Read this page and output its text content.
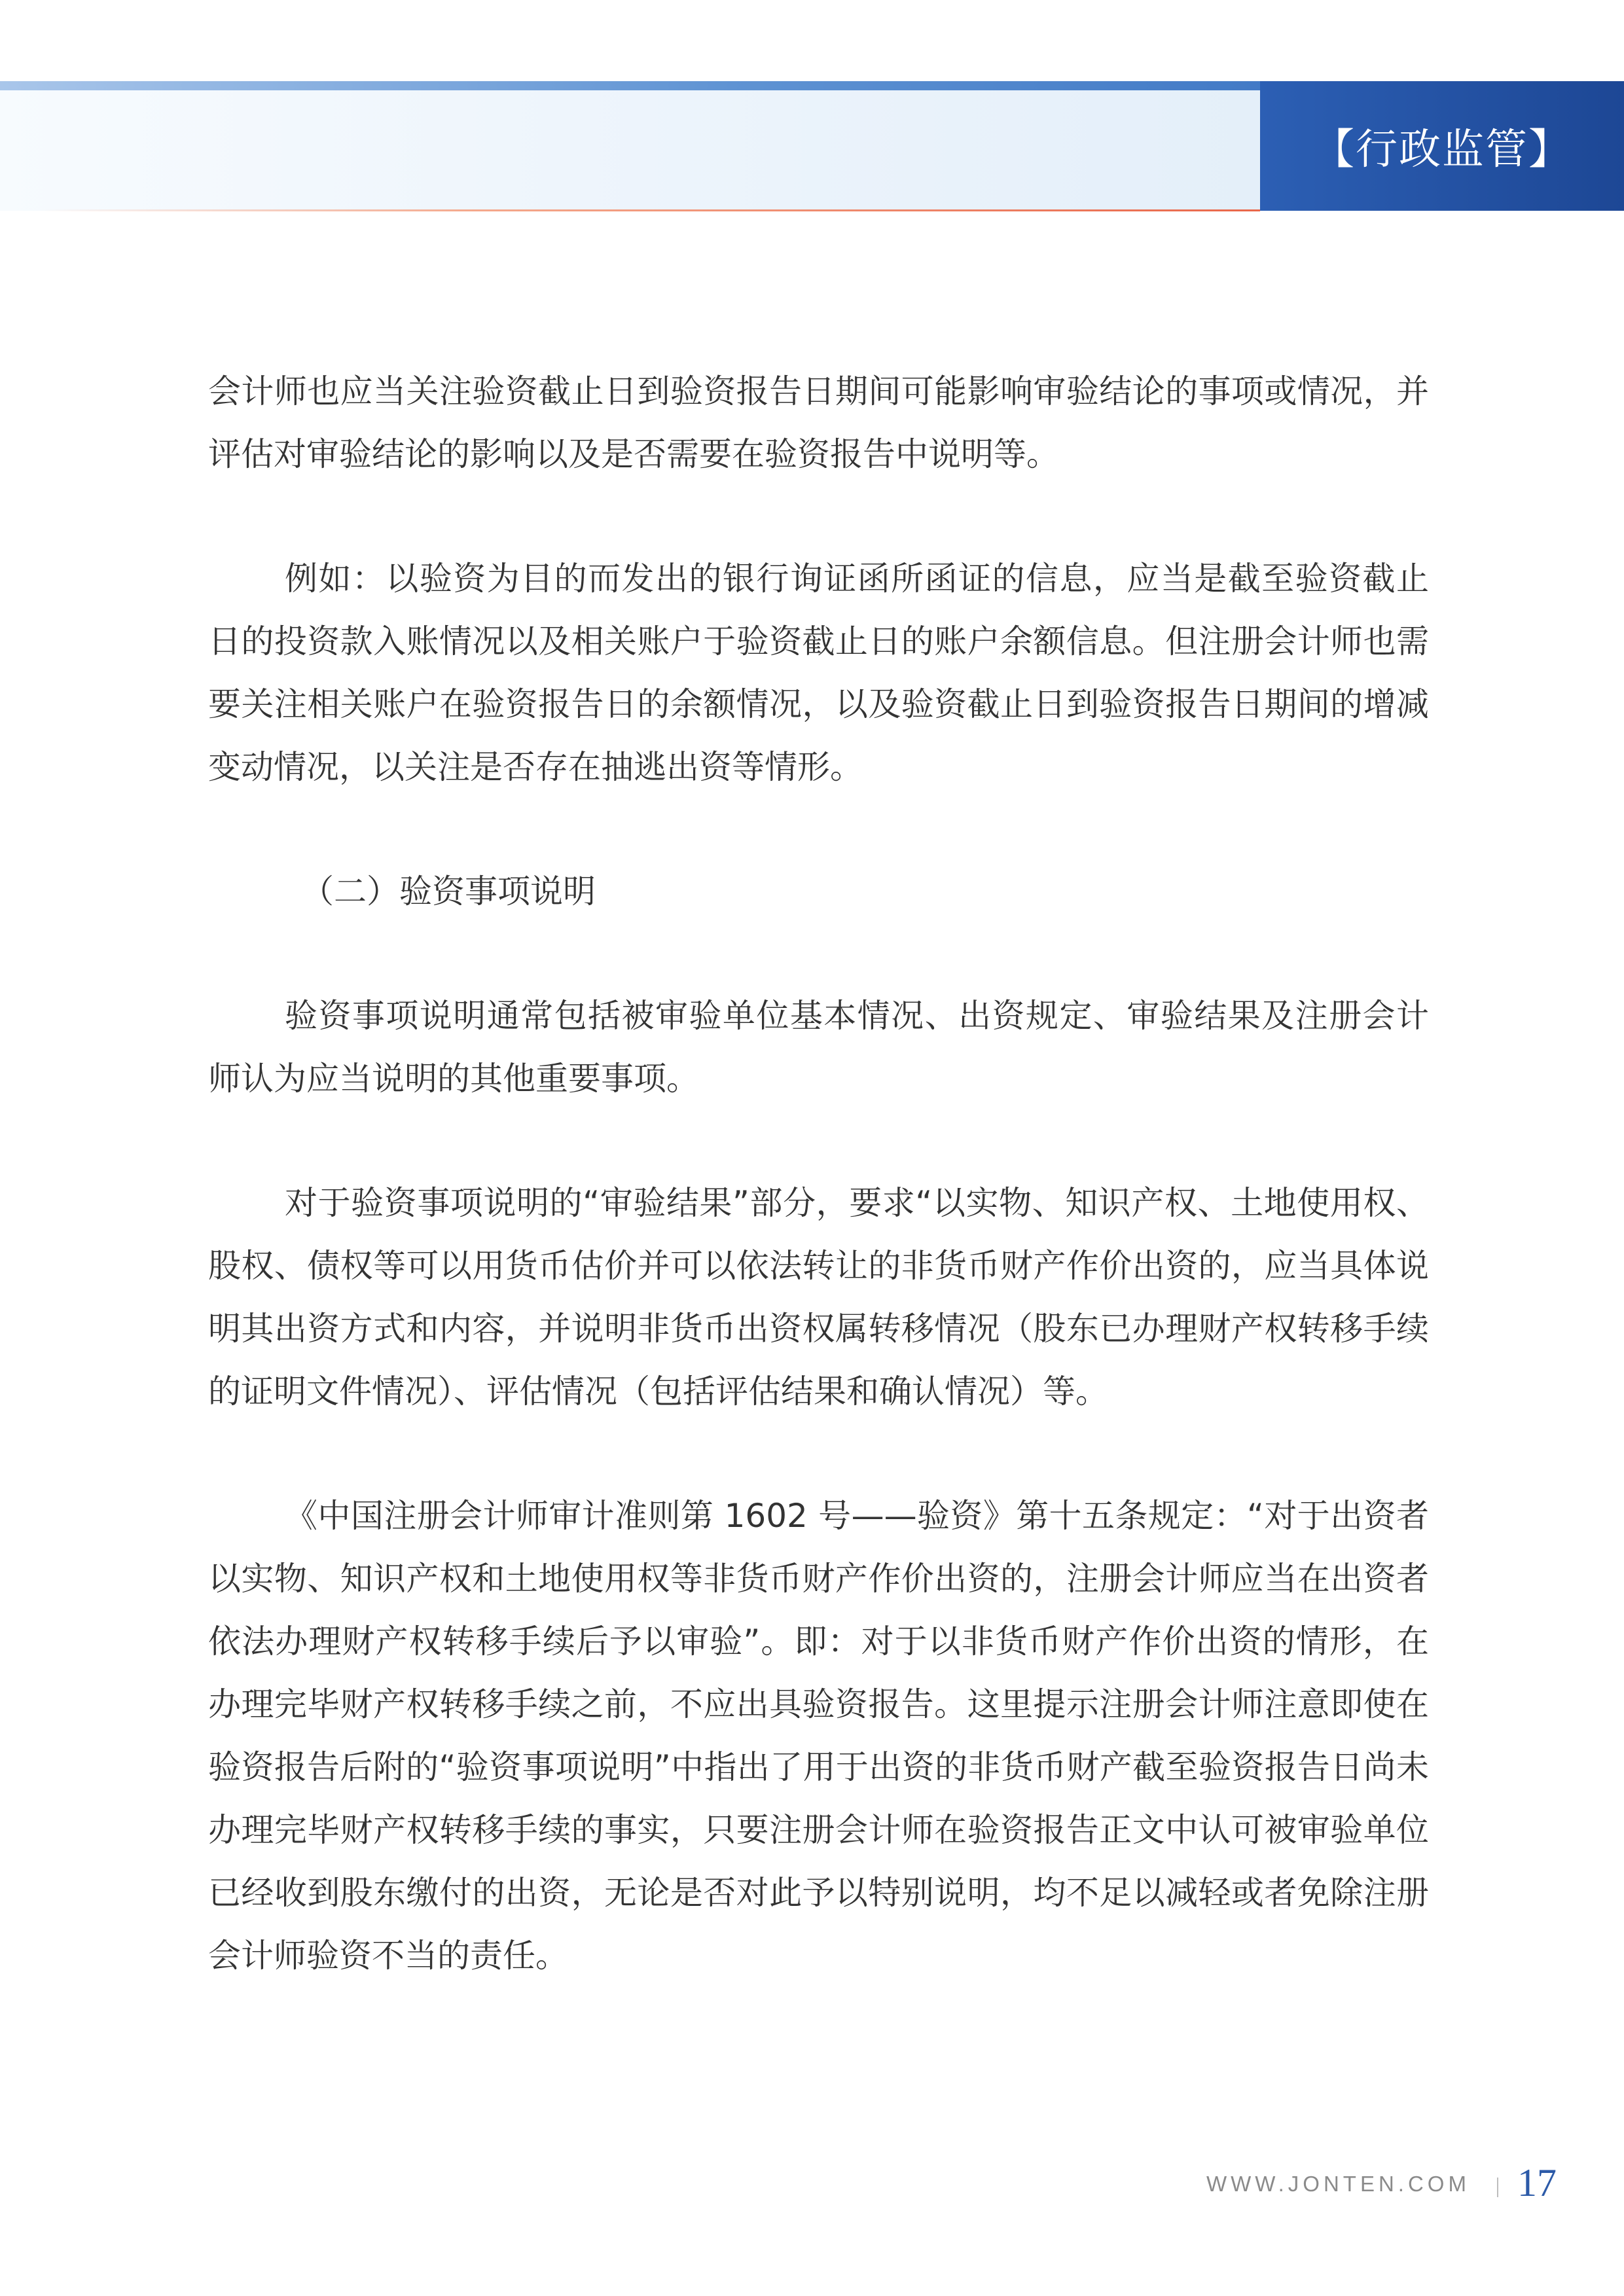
【行政监管】

会计师也应当关注验资截止日到验资报告日期间可能影响审验结论的事项或情况，并评估对审验结论的影响以及是否需要在验资报告中说明等。

例如：以验资为目的而发出的银行询证函所函证的信息，应当是截至验资截止日的投资款入账情况以及相关账户于验资截止日的账户余额信息。但注册会计师也需要关注相关账户在验资报告日的余额情况，以及验资截止日到验资报告日期间的增减变动情况，以关注是否存在抽逃出资等情形。

（二）验资事项说明

验资事项说明通常包括被审验单位基本情况、出资规定、审验结果及注册会计师认为应当说明的其他重要事项。

对于验资事项说明的“审验结果”部分，要求“以实物、知识产权、土地使用权、股权、债权等可以用货币估价并可以依法转让的非货币财产作价出资的，应当具体说明其出资方式和内容，并说明非货币出资权属转移情况（股东已办理财产权转移手续的证明文件情况）、评估情况（包括评估结果和确认情况）等。

《中国注册会计师审计准则第 1602 号——验资》第十五条规定：“对于出资者以实物、知识产权和土地使用权等非货币财产作价出资的，注册会计师应当在出资者依法办理财产权转移手续后予以审验”。即：对于以非货币财产作价出资的情形，在办理完毕财产权转移手续之前，不应出具验资报告。这里提示注册会计师注意即使在验资报告后附的“验资事项说明”中指出了用于出资的非货币财产截至验资报告日尚未办理完毕财产权转移手续的事实，只要注册会计师在验资报告正文中认可被审验单位已经收到股东缴付的出资，无论是否对此予以特别说明，均不足以减轻或者免除注册会计师验资不当的责任。

WWW.JONTEN.COM 17
